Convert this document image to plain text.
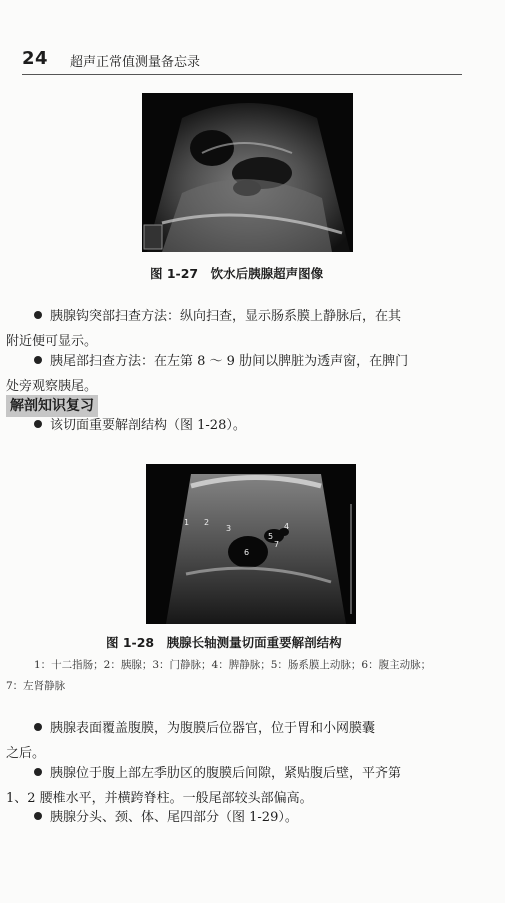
24 超声正常值测量备忘录
图 1-27　饮水后胰腺超声图像
胰腺钩突部扫查方法：纵向扫查，显示肠系膜上静脉后，在其
附近便可显示。
胰尾部扫查方法：在左第 8 ～ 9 肋间以脾脏为透声窗，在脾门
处旁观察胰尾。
解剖知识复习
该切面重要解剖结构（图 1-28）。
1 2
3	4
5
6
7
图 1-28　胰腺长轴测量切面重要解剖结构
1：十二指肠；2：胰腺；3：门静脉；4：脾静脉；5：肠系膜上动脉；6：腹主动脉；
7：左肾静脉
胰腺表面覆盖腹膜，为腹膜后位器官，位于胃和小网膜囊
之后。
胰腺位于腹上部左季肋区的腹膜后间隙，紧贴腹后壁，平齐第
1、2 腰椎水平，并横跨脊柱。一般尾部较头部偏高。
胰腺分头、颈、体、尾四部分（图 1-29）。
